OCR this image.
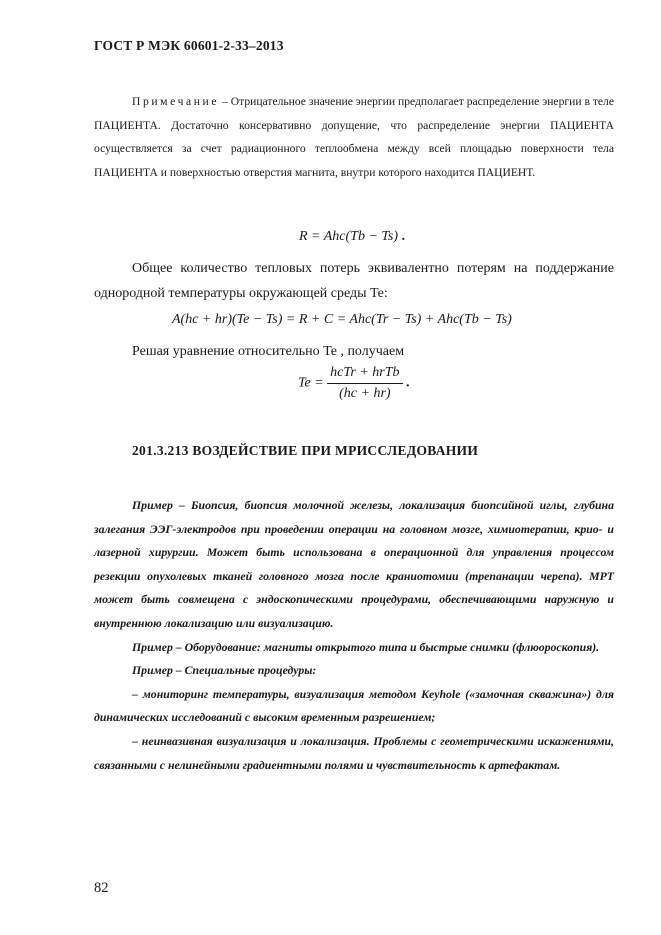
ГОСТ Р МЭК 60601-2-33–2013

Примечание – Отрицательное значение энергии предполагает распределение энергии в теле ПАЦИЕНТА. Достаточно консервативно допущение, что распределение энергии ПАЦИЕНТА осуществляется за счет радиационного теплообмена между всей площадью поверхности тела ПАЦИЕНТА и поверхностью отверстия магнита, внутри которого находится ПАЦИЕНТ.

R = Ahc(Tb − Ts) .

Общее количество тепловых потерь эквивалентно потерям на поддержание однородной температуры окружающей среды Te:

A(hc + hr)(Te − Ts) = R + C = Ahc(Tr − Ts) + Ahc(Tb − Ts)
Решая уравнение относительно Te , получаем
$Te = \frac{\text{hcTr + hrTb}}{(hc + hr)}$ .
201.3.213 ВОЗДЕЙСТВИЕ ПРИ МРИССЛЕДОВАНИИ

Пример – Биопсия, биопсия молочной железы, локализация биопсийной иглы, глубина залегания ЭЭГ-электродов при проведении операции на головном мозге, химиотерапии, крио- и лазерной хирургии. Может быть использована в операционной для управления процессом резекции опухолевых тканей головного мозга после краниотомии (трепанации черепа). МРТ может быть совмещена с эндоскопическими процедурами, обеспечивающими наружную и внутреннюю локализацию или визуализацию.

Пример – Оборудование: магниты открытого типа и быстрые снимки (флюороскопия).

Пример – Специальные процедуры:

– мониторинг температуры, визуализация методом Keyhole («замочная скважина») для динамических исследований с высоким временным разрешением;

– неинвазивная визуализация и локализация. Проблемы с геометрическими искажениями, связанными с нелинейными градиентными полями и чувствительность к артефактам.

82
